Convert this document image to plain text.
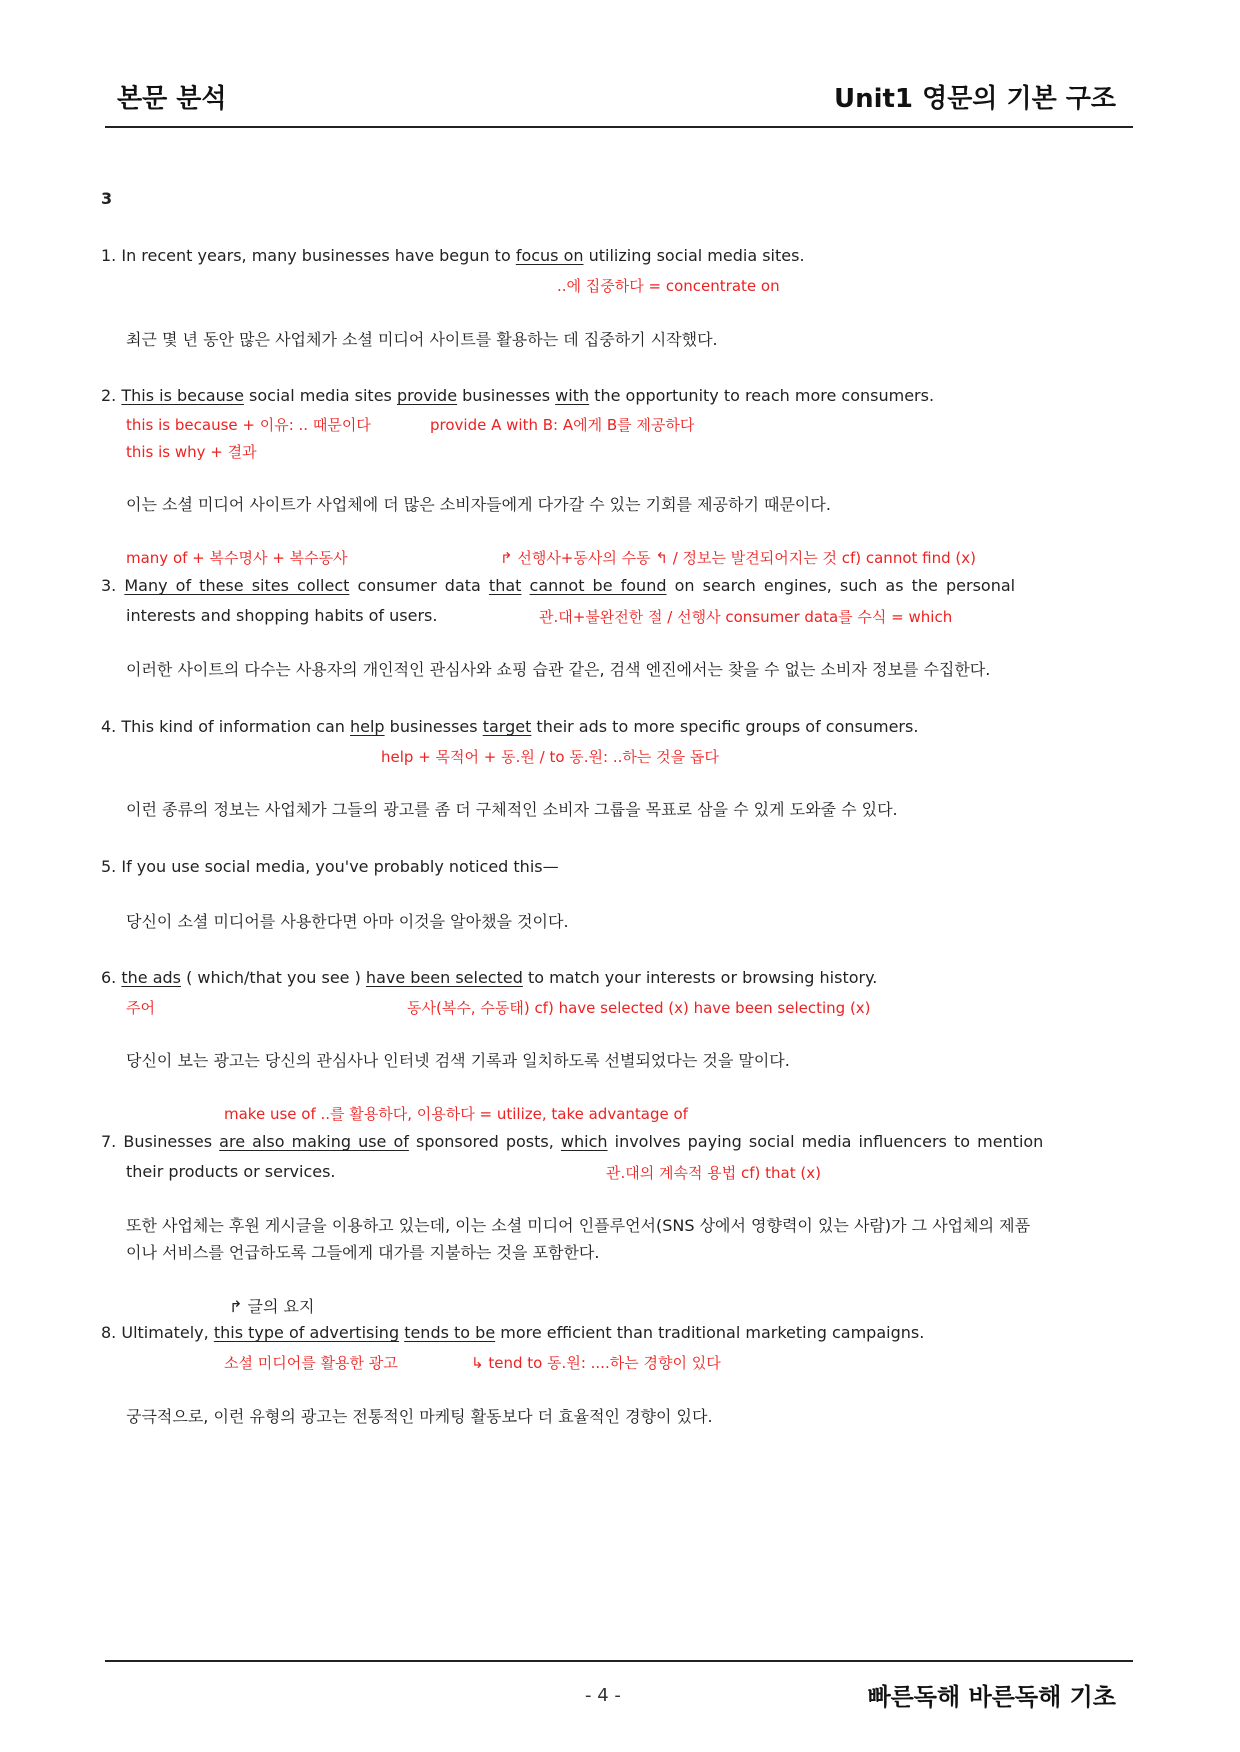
본문 분석	Unit1 영문의 기본 구조
3
1. In recent years, many businesses have begun to focus on utilizing social media sites.
..에 집중하다 = concentrate on
최근 몇 년 동안 많은 사업체가 소셜 미디어 사이트를 활용하는 데 집중하기 시작했다.
2. This is because social media sites provide businesses with the opportunity to reach more consumers.
this is because + 이유: .. 때문이다	provide A with B: A에게 B를 제공하다
this is why + 결과
이는 소셜 미디어 사이트가 사업체에 더 많은 소비자들에게 다가갈 수 있는 기회를 제공하기 때문이다.
many of + 복수명사 + 복수동사	↱ 선행사+동사의 수동 ↰ / 정보는 발견되어지는 것 cf) cannot find (x)
3. Many of these sites collect consumer data that cannot be found on search engines, such as the personal
interests and shopping habits of users.	관.대+불완전한 절 / 선행사 consumer data를 수식 = which
이러한 사이트의 다수는 사용자의 개인적인 관심사와 쇼핑 습관 같은, 검색 엔진에서는 찾을 수 없는 소비자 정보를 수집한다.
4. This kind of information can help businesses target their ads to more specific groups of consumers.
help + 목적어 + 동.원 / to 동.원: ..하는 것을 돕다
이런 종류의 정보는 사업체가 그들의 광고를 좀 더 구체적인 소비자 그룹을 목표로 삼을 수 있게 도와줄 수 있다.
5. If you use social media, you've probably noticed this—
당신이 소셜 미디어를 사용한다면 아마 이것을 알아챘을 것이다.
6. the ads ( which/that you see ) have been selected to match your interests or browsing history.
주어	동사(복수, 수동태) cf) have selected (x) have been selecting (x)
당신이 보는 광고는 당신의 관심사나 인터넷 검색 기록과 일치하도록 선별되었다는 것을 말이다.
make use of ..를 활용하다, 이용하다 = utilize, take advantage of
7. Businesses are also making use of sponsored posts, which involves paying social media influencers to mention
their products or services.	관.대의 계속적 용법 cf) that (x)
또한 사업체는 후원 게시글을 이용하고 있는데, 이는 소셜 미디어 인플루언서(SNS 상에서 영향력이 있는 사람)가 그 사업체의 제품
이나 서비스를 언급하도록 그들에게 대가를 지불하는 것을 포함한다.
↱ 글의 요지
8. Ultimately, this type of advertising tends to be more efficient than traditional marketing campaigns.
소셜 미디어를 활용한 광고	↳ tend to 동.원: ....하는 경향이 있다
궁극적으로, 이런 유형의 광고는 전통적인 마케팅 활동보다 더 효율적인 경향이 있다.
- 4 -	빠른독해 바른독해 기초
